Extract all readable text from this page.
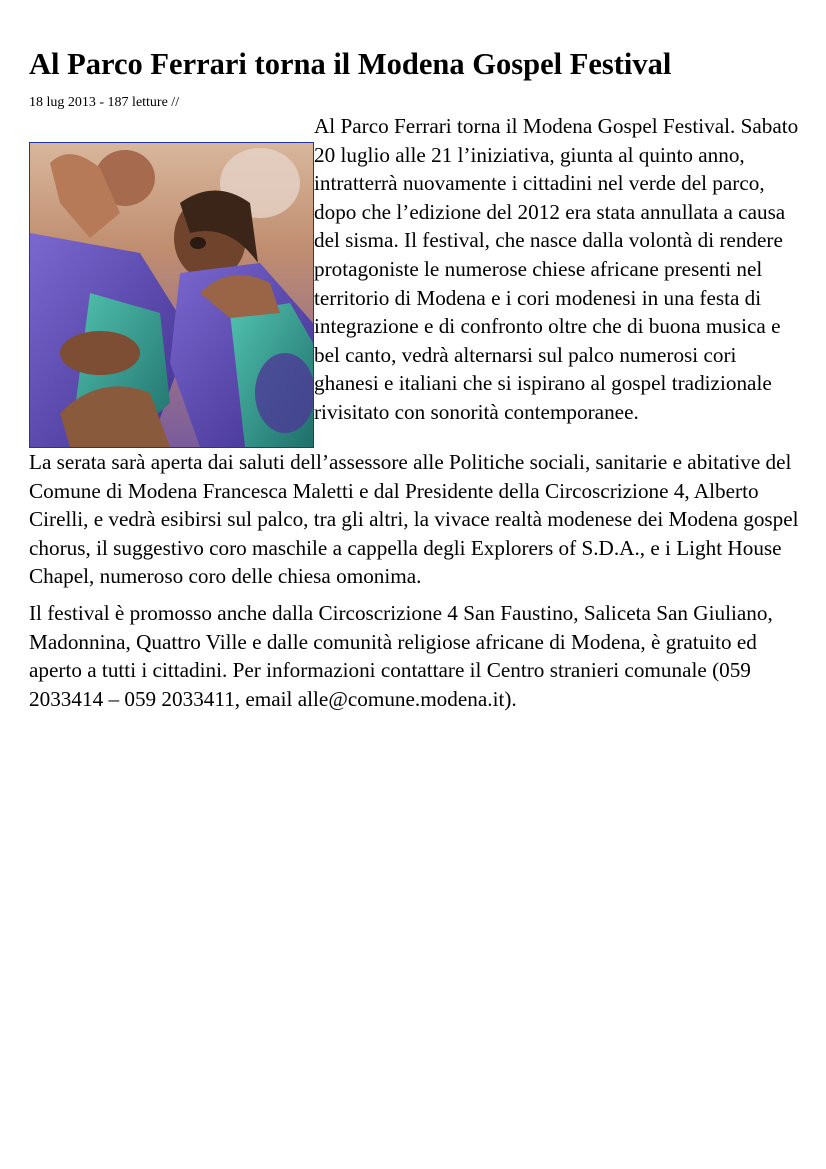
Al Parco Ferrari torna il Modena Gospel Festival
18 lug 2013 - 187 letture //

Al Parco Ferrari torna il Modena Gospel Festival. Sabato 20 luglio alle 21 l’iniziativa, giunta al quinto anno, intratterrà nuovamente i cittadini nel verde del parco, dopo che l’edizione del 2012 era stata annullata a causa del sisma. Il festival, che nasce dalla volontà di rendere protagoniste le numerose chiese africane presenti nel territorio di Modena e i cori modenesi in una festa di integrazione e di confronto oltre che di buona musica e bel canto, vedrà alternarsi sul palco numerosi cori ghanesi e italiani che si ispirano al gospel tradizionale rivisitato con sonorità contemporanee.

La serata sarà aperta dai saluti dell’assessore alle Politiche sociali, sanitarie e abitative del Comune di Modena Francesca Maletti e dal Presidente della Circoscrizione 4, Alberto Cirelli, e vedrà esibirsi sul palco, tra gli altri, la vivace realtà modenese dei Modena gospel chorus, il suggestivo coro maschile a cappella degli Explorers of S.D.A., e i Light House Chapel, numeroso coro delle chiesa omonima.

Il festival è promosso anche dalla Circoscrizione 4 San Faustino, Saliceta San Giuliano, Madonnina, Quattro Ville e dalle comunità religiose africane di Modena, è gratuito ed aperto a tutti i cittadini. Per informazioni contattare il Centro stranieri comunale (059 2033414 – 059 2033411, email alle@comune.modena.it).
